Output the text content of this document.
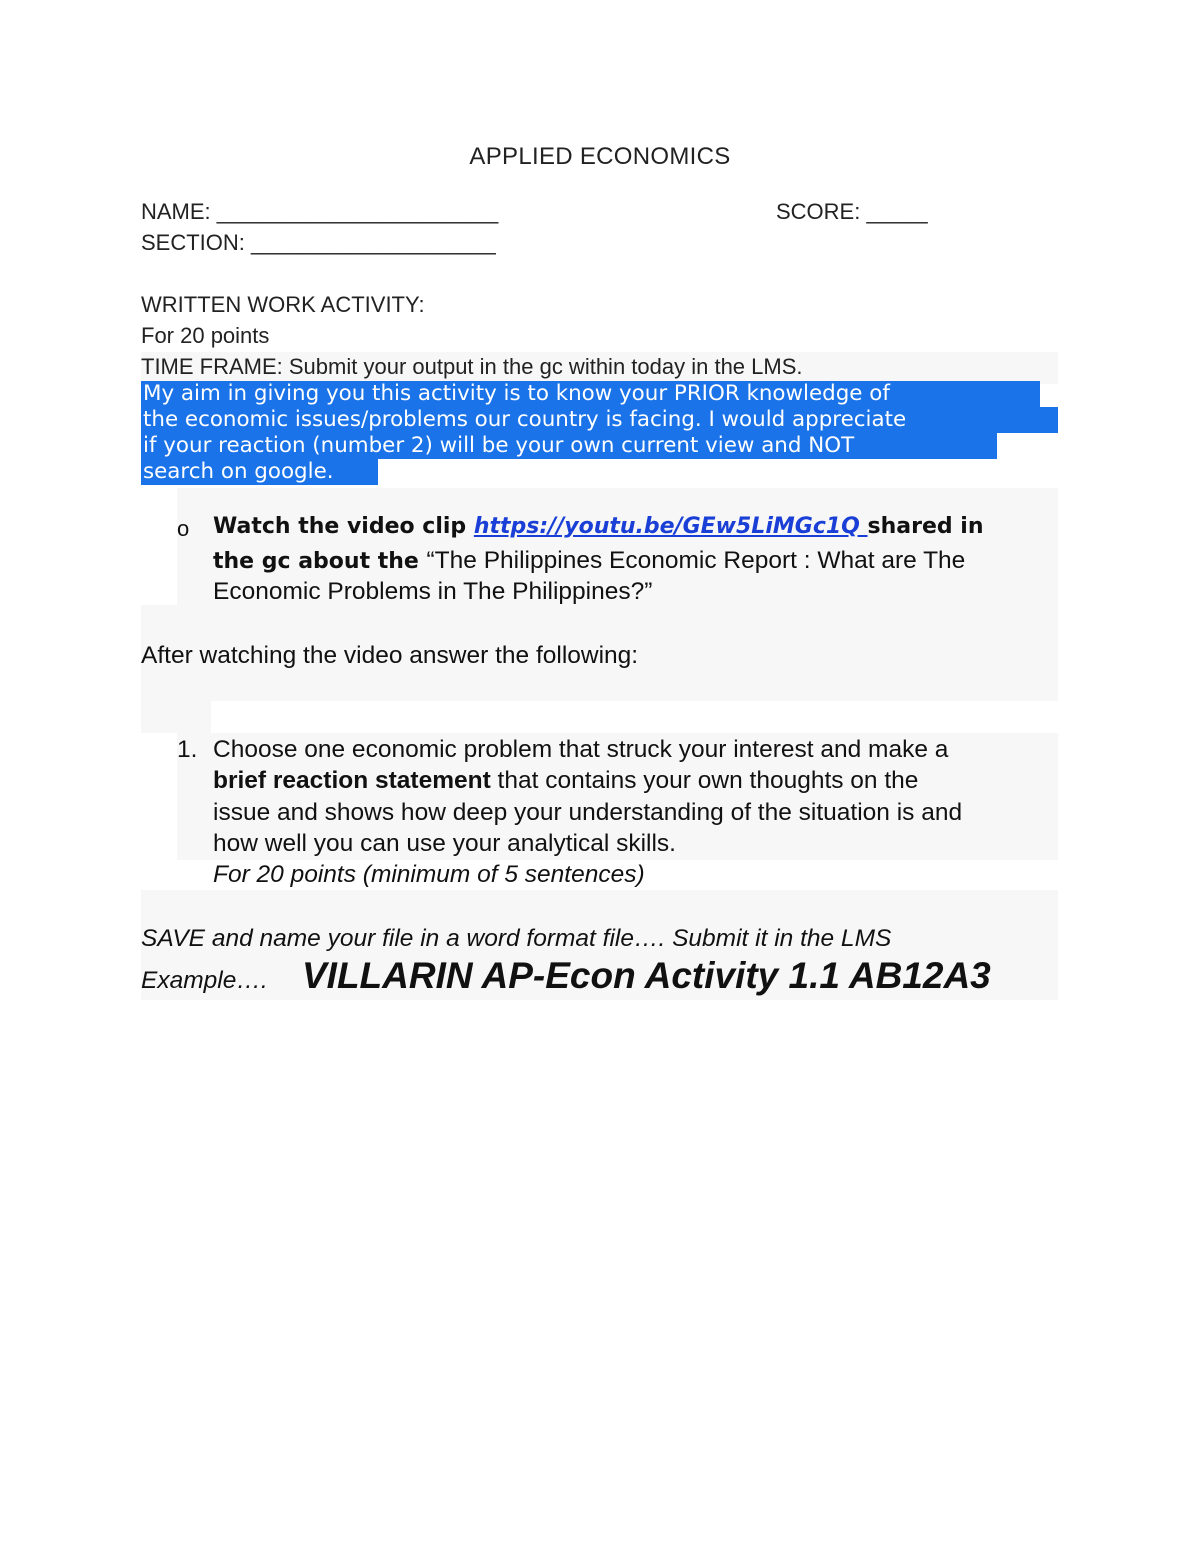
APPLIED ECONOMICS
NAME: _______________________	SCORE: _____
SECTION: ____________________
WRITTEN WORK ACTIVITY:
For 20 points
TIME FRAME: Submit your output in the gc within today in the LMS.
My aim in giving you this activity is to know your PRIOR knowledge of
the economic issues/problems our country is facing. I would appreciate
if your reaction (number 2) will be your own current view and NOT
search on google.
o Watch the video clip https://youtu.be/GEw5LiMGc1Q shared in
the gc about the “The Philippines Economic Report : What are The
Economic Problems in The Philippines?”
After watching the video answer the following:
1. Choose one economic problem that struck your interest and make a
brief reaction statement that contains your own thoughts on the
issue and shows how deep your understanding of the situation is and
how well you can use your analytical skills.
For 20 points (minimum of 5 sentences)
SAVE and name your file in a word format file…. Submit it in the LMS
Example…. VILLARIN AP-Econ Activity 1.1 AB12A3
